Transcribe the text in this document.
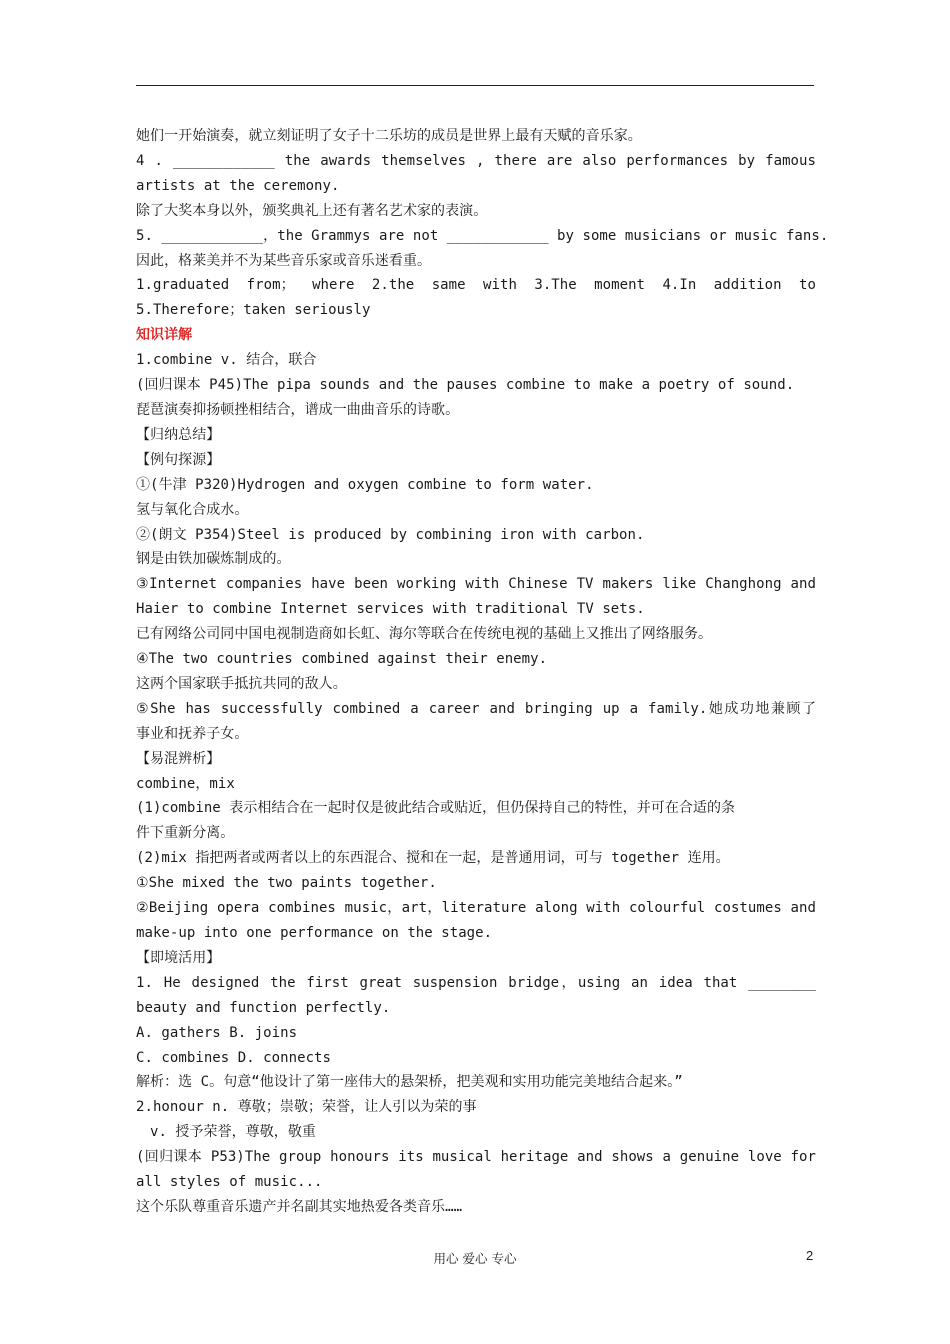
她们一开始演奏，就立刻证明了女子十二乐坊的成员是世界上最有天赋的音乐家。
4 . ____________ the awards themselves , there are also performances by famous
artists at the ceremony.
除了大奖本身以外，颁奖典礼上还有著名艺术家的表演。
5. ____________，the Grammys are not ____________ by some musicians or music fans.
因此，格莱美并不为某些音乐家或音乐迷看重。
1.graduated from； where 2.the same with 3.The moment 4.In addition to
5.Therefore；taken seriously
知识详解
1.combine v. 结合，联合
(回归课本 P45)The pipa sounds and the pauses combine to make a poetry of sound.
琵琶演奏抑扬顿挫相结合，谱成一曲曲音乐的诗歌。
【归纳总结】
【例句探源】
①(牛津 P320)Hydrogen and oxygen combine to form water.
氢与氧化合成水。
②(朗文 P354)Steel is produced by combining iron with carbon.
钢是由铁加碳炼制成的。
③Internet companies have been working with Chinese TV makers like Changhong and
Haier to combine Internet services with traditional TV sets.
已有网络公司同中国电视制造商如长虹、海尔等联合在传统电视的基础上又推出了网络服务。
④The two countries combined against their enemy.
这两个国家联手抵抗共同的敌人。
⑤She has successfully combined a career and bringing up a family.她成功地兼顾了
事业和抚养子女。
【易混辨析】
combine，mix
(1)combine 表示相结合在一起时仅是彼此结合或贴近，但仍保持自己的特性，并可在合适的条
件下重新分离。
(2)mix 指把两者或两者以上的东西混合、搅和在一起，是普通用词，可与 together 连用。
①She mixed the two paints together.
②Beijing opera combines music，art，literature along with colourful costumes and
make-up into one performance on the stage.
【即境活用】
1. He designed the first great suspension bridge，using an idea that ________
beauty and function perfectly.
A. gathers B. joins
C. combines D. connects
解析：选 C。句意“他设计了第一座伟大的悬架桥，把美观和实用功能完美地结合起来。”
2.honour n. 尊敬；崇敬；荣誉，让人引以为荣的事
v. 授予荣誉，尊敬，敬重
(回归课本 P53)The group honours its musical heritage and shows a genuine love for
all styles of music...
这个乐队尊重音乐遗产并名副其实地热爱各类音乐……
用心 爱心 专心	2
